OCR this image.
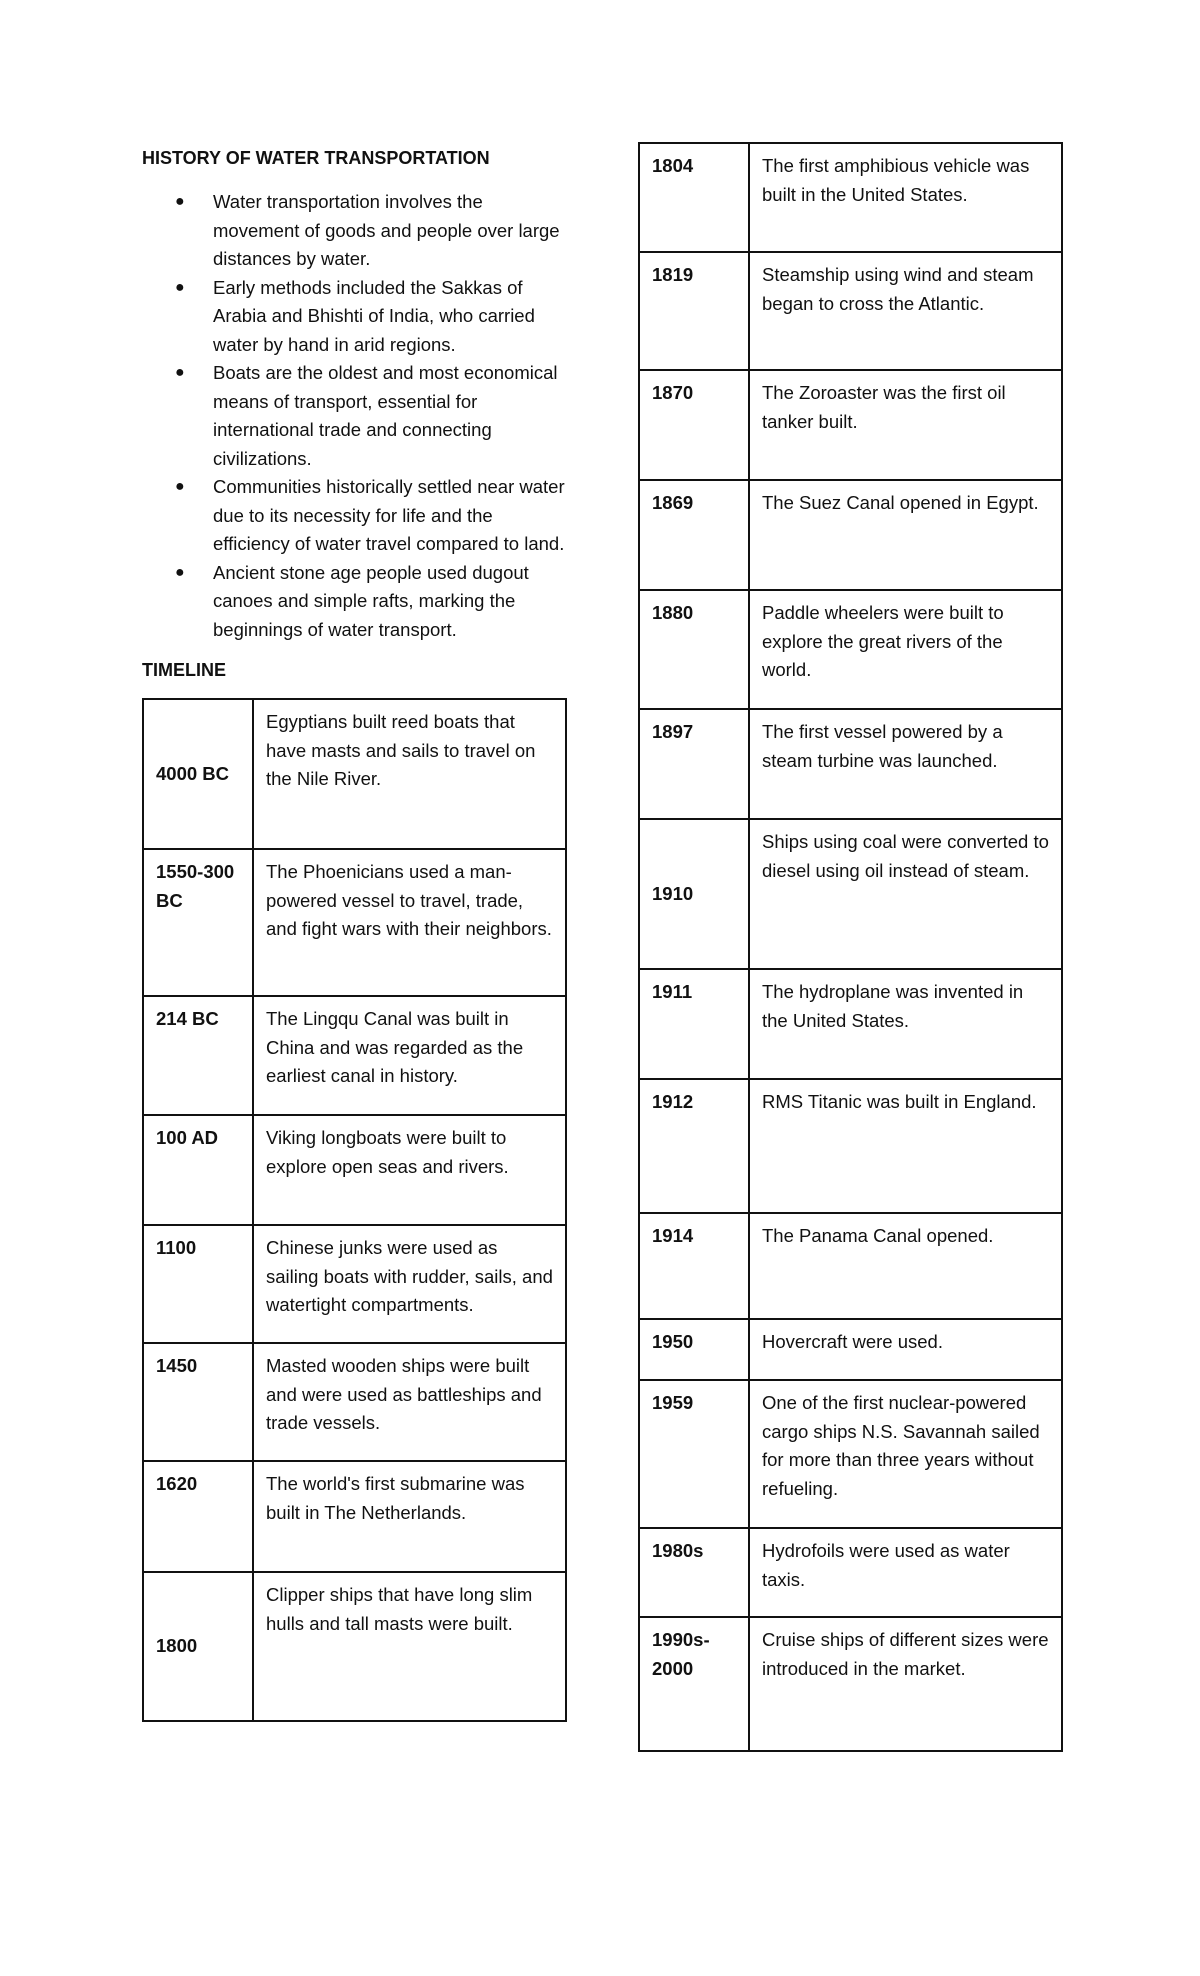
HISTORY OF WATER TRANSPORTATION

● Water transportation involves the movement of goods and people over large distances by water.
● Early methods included the Sakkas of Arabia and Bhishti of India, who carried water by hand in arid regions.
● Boats are the oldest and most economical means of transport, essential for international trade and connecting civilizations.
● Communities historically settled near water due to its necessity for life and the efficiency of water travel compared to land.
● Ancient stone age people used dugout canoes and simple rafts, marking the beginnings of water transport.

TIMELINE

4000 BC	Egyptians built reed boats that have masts and sails to travel on the Nile River.
1550-300 BC	The Phoenicians used a man-powered vessel to travel, trade, and fight wars with their neighbors.
214 BC	The Lingqu Canal was built in China and was regarded as the earliest canal in history.
100 AD	Viking longboats were built to explore open seas and rivers.
1100	Chinese junks were used as sailing boats with rudder, sails, and watertight compartments.
1450	Masted wooden ships were built and were used as battleships and trade vessels.
1620	The world's first submarine was built in The Netherlands.
1800	Clipper ships that have long slim hulls and tall masts were built.
1804	The first amphibious vehicle was built in the United States.
1819	Steamship using wind and steam began to cross the Atlantic.
1870	The Zoroaster was the first oil tanker built.
1869	The Suez Canal opened in Egypt.
1880	Paddle wheelers were built to explore the great rivers of the world.
1897	The first vessel powered by a steam turbine was launched.
1910	Ships using coal were converted to diesel using oil instead of steam.
1911	The hydroplane was invented in the United States.
1912	RMS Titanic was built in England.
1914	The Panama Canal opened.
1950	Hovercraft were used.
1959	One of the first nuclear-powered cargo ships N.S. Savannah sailed for more than three years without refueling.
1980s	Hydrofoils were used as water taxis.
1990s-2000	Cruise ships of different sizes were introduced in the market.
